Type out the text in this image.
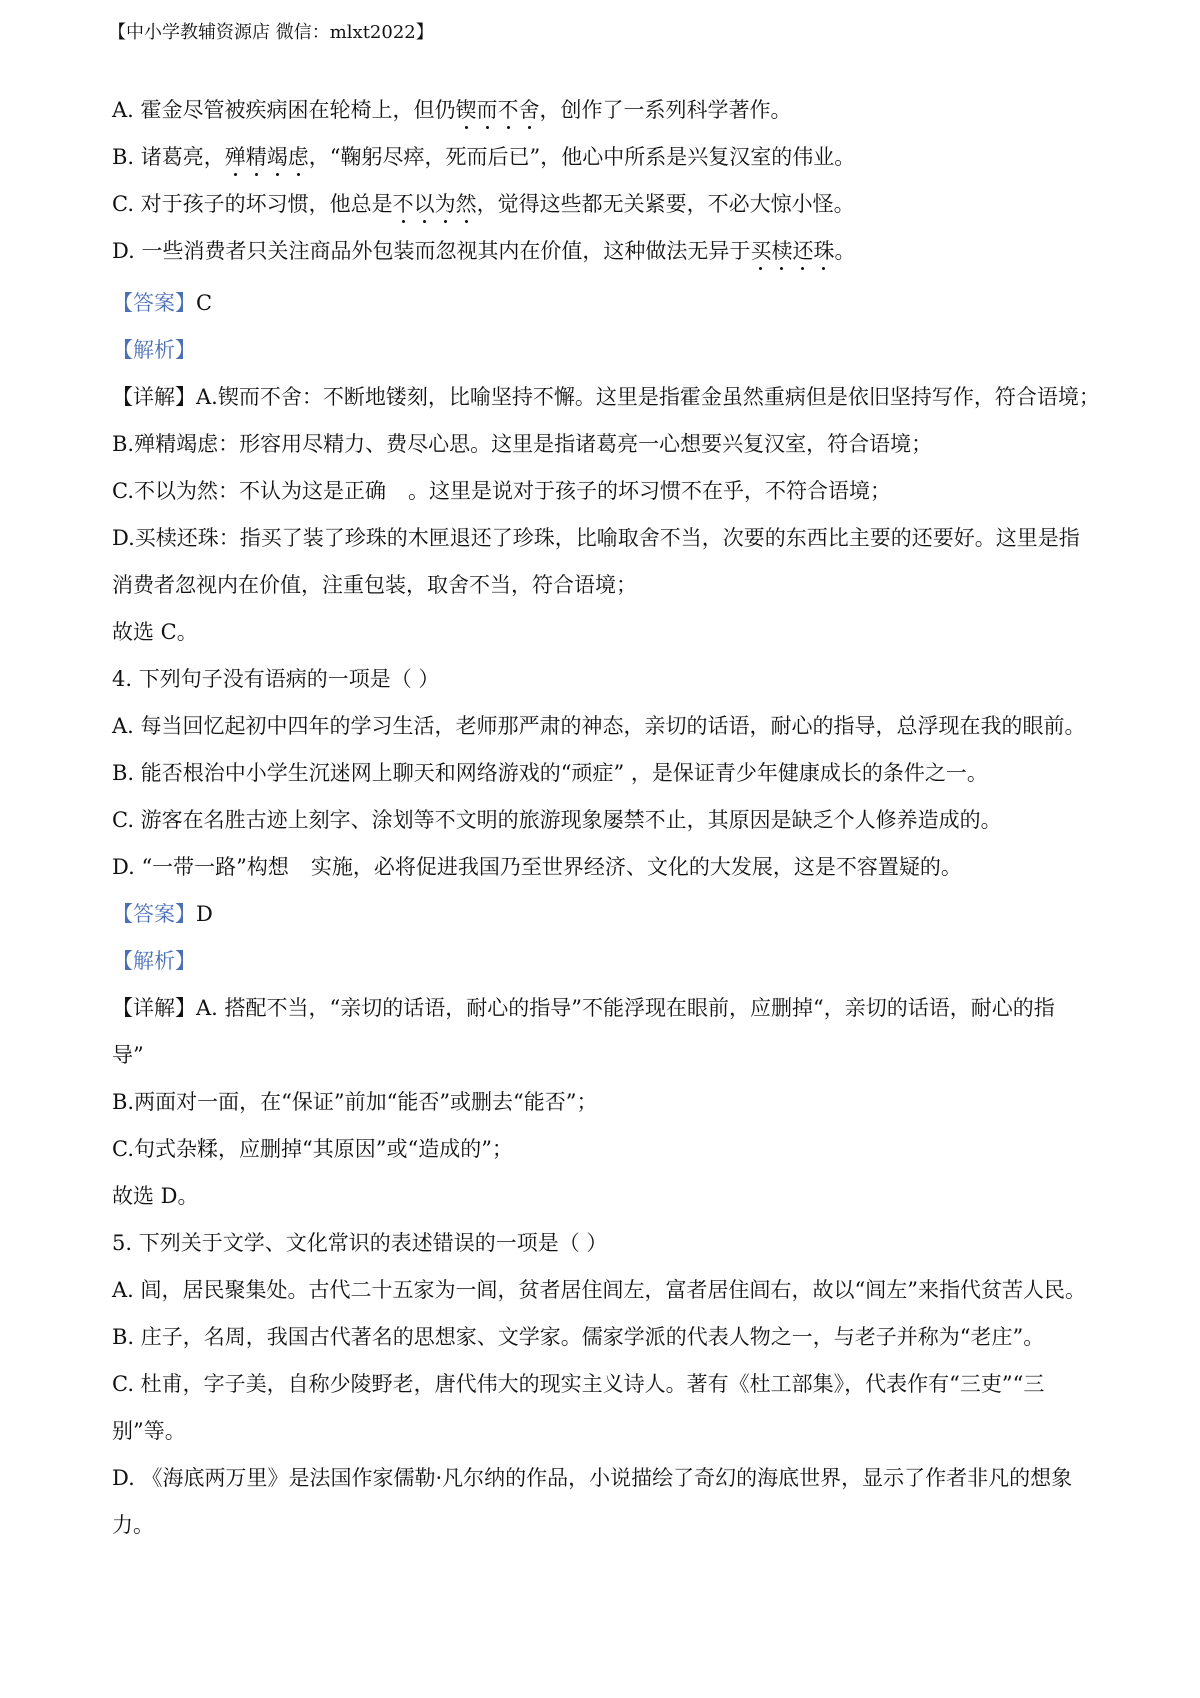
【中小学教辅资源店 微信：mlxt2022】
A. 霍金尽管被疾病困在轮椅上，但仍锲而不舍，创作了一系列科学著作。
B. 诸葛亮，殚精竭虑，“鞠躬尽瘁，死而后已”，他心中所系是兴复汉室的伟业。
C. 对于孩子的坏习惯，他总是不以为然，觉得这些都无关紧要，不必大惊小怪。
D. 一些消费者只关注商品外包装而忽视其内在价值，这种做法无异于买椟还珠。
【答案】C
【解析】
【详解】A.锲而不舍：不断地镂刻，比喻坚持不懈。这里是指霍金虽然重病但是依旧坚持写作，符合语境；
B.殚精竭虑：形容用尽精力、费尽心思。这里是指诸葛亮一心想要兴复汉室，符合语境；
C.不以为然：不认为这是正确 。这里是说对于孩子的坏习惯不在乎，不符合语境；
D.买椟还珠：指买了装了珍珠的木匣退还了珍珠，比喻取舍不当，次要的东西比主要的还要好。这里是指
消费者忽视内在价值，注重包装，取舍不当，符合语境；
故选 C。
4. 下列句子没有语病的一项是（ ）
A. 每当回忆起初中四年的学习生活，老师那严肃的神态，亲切的话语，耐心的指导，总浮现在我的眼前。
B. 能否根治中小学生沉迷网上聊天和网络游戏的“顽症” ，是保证青少年健康成长的条件之一。
C. 游客在名胜古迹上刻字、涂划等不文明的旅游现象屡禁不止，其原因是缺乏个人修养造成的。
D. “一带一路”构想 实施，必将促进我国乃至世界经济、文化的大发展，这是不容置疑的。
【答案】D
【解析】
【详解】A. 搭配不当，“亲切的话语，耐心的指导”不能浮现在眼前，应删掉“，亲切的话语，耐心的指
导”
B.两面对一面，在“保证”前加“能否”或删去“能否”；
C.句式杂糅，应删掉“其原因”或“造成的”；
故选 D。
5. 下列关于文学、文化常识的表述错误的一项是（ ）
A. 闾，居民聚集处。古代二十五家为一闾，贫者居住闾左，富者居住闾右，故以“闾左”来指代贫苦人民。
B. 庄子，名周，我国古代著名的思想家、文学家。儒家学派的代表人物之一，与老子并称为“老庄”。
C. 杜甫，字子美，自称少陵野老，唐代伟大的现实主义诗人。著有《杜工部集》，代表作有“三吏”“三
别”等。
D. 《海底两万里》是法国作家儒勒·凡尔纳的作品，小说描绘了奇幻的海底世界，显示了作者非凡的想象
力。
